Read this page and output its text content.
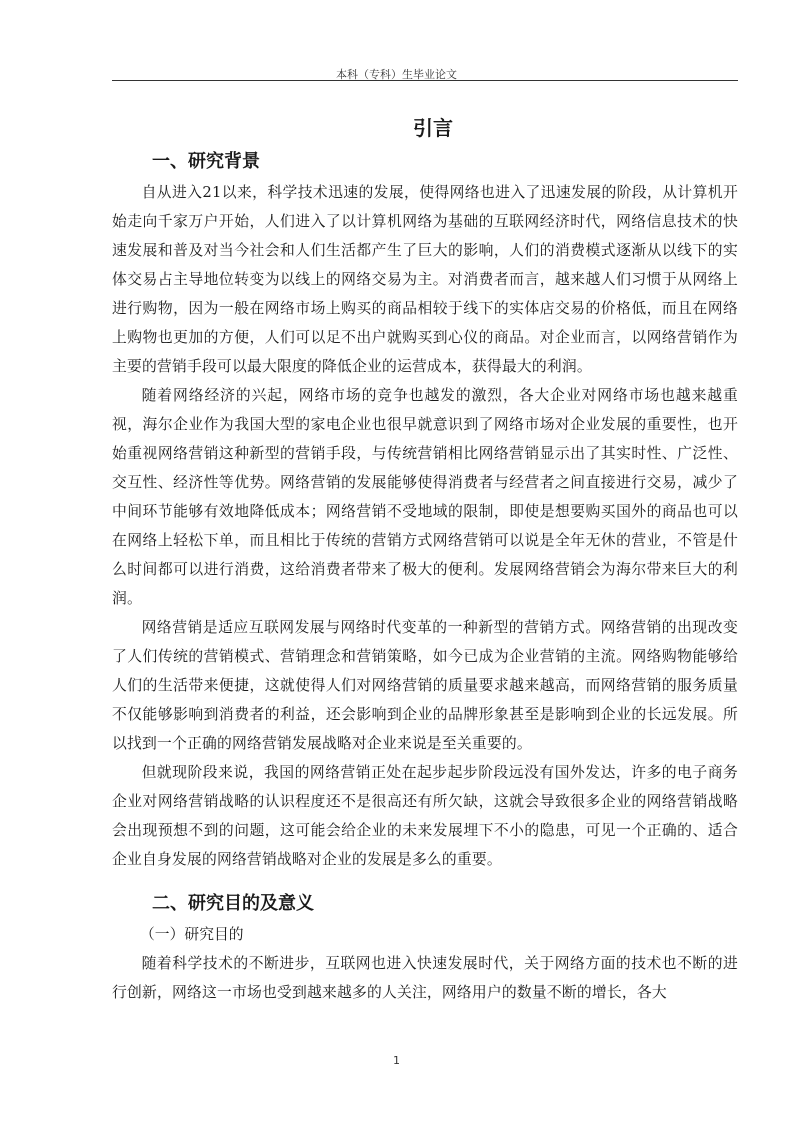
本科（专科）生毕业论文
引言
一、研究背景

自从进入21以来，科学技术迅速的发展，使得网络也进入了迅速发展的阶段，从计算机开始走向千家万户开始，人们进入了以计算机网络为基础的互联网经济时代，网络信息技术的快速发展和普及对当今社会和人们生活都产生了巨大的影响，人们的消费模式逐渐从以线下的实体交易占主导地位转变为以线上的网络交易为主。对消费者而言，越来越人们习惯于从网络上进行购物，因为一般在网络市场上购买的商品相较于线下的实体店交易的价格低，而且在网络上购物也更加的方便，人们可以足不出户就购买到心仪的商品。对企业而言，以网络营销作为主要的营销手段可以最大限度的降低企业的运营成本，获得最大的利润。

随着网络经济的兴起，网络市场的竞争也越发的激烈，各大企业对网络市场也越来越重视，海尔企业作为我国大型的家电企业也很早就意识到了网络市场对企业发展的重要性，也开始重视网络营销这种新型的营销手段，与传统营销相比网络营销显示出了其实时性、广泛性、交互性、经济性等优势。网络营销的发展能够使得消费者与经营者之间直接进行交易，减少了中间环节能够有效地降低成本；网络营销不受地域的限制，即使是想要购买国外的商品也可以在网络上轻松下单，而且相比于传统的营销方式网络营销可以说是全年无休的营业，不管是什么时间都可以进行消费，这给消费者带来了极大的便利。发展网络营销会为海尔带来巨大的利润。

网络营销是适应互联网发展与网络时代变革的一种新型的营销方式。网络营销的出现改变了人们传统的营销模式、营销理念和营销策略，如今已成为企业营销的主流。网络购物能够给人们的生活带来便捷，这就使得人们对网络营销的质量要求越来越高，而网络营销的服务质量不仅能够影响到消费者的利益，还会影响到企业的品牌形象甚至是影响到企业的长远发展。所以找到一个正确的网络营销发展战略对企业来说是至关重要的。

但就现阶段来说，我国的网络营销正处在起步起步阶段远没有国外发达，许多的电子商务企业对网络营销战略的认识程度还不是很高还有所欠缺，这就会导致很多企业的网络营销战略会出现预想不到的问题，这可能会给企业的未来发展埋下不小的隐患，可见一个正确的、适合企业自身发展的网络营销战略对企业的发展是多么的重要。

二、研究目的及意义

（一）研究目的

随着科学技术的不断进步，互联网也进入快速发展时代，关于网络方面的技术也不断的进行创新，网络这一市场也受到越来越多的人关注，网络用户的数量不断的增长，各大

1
